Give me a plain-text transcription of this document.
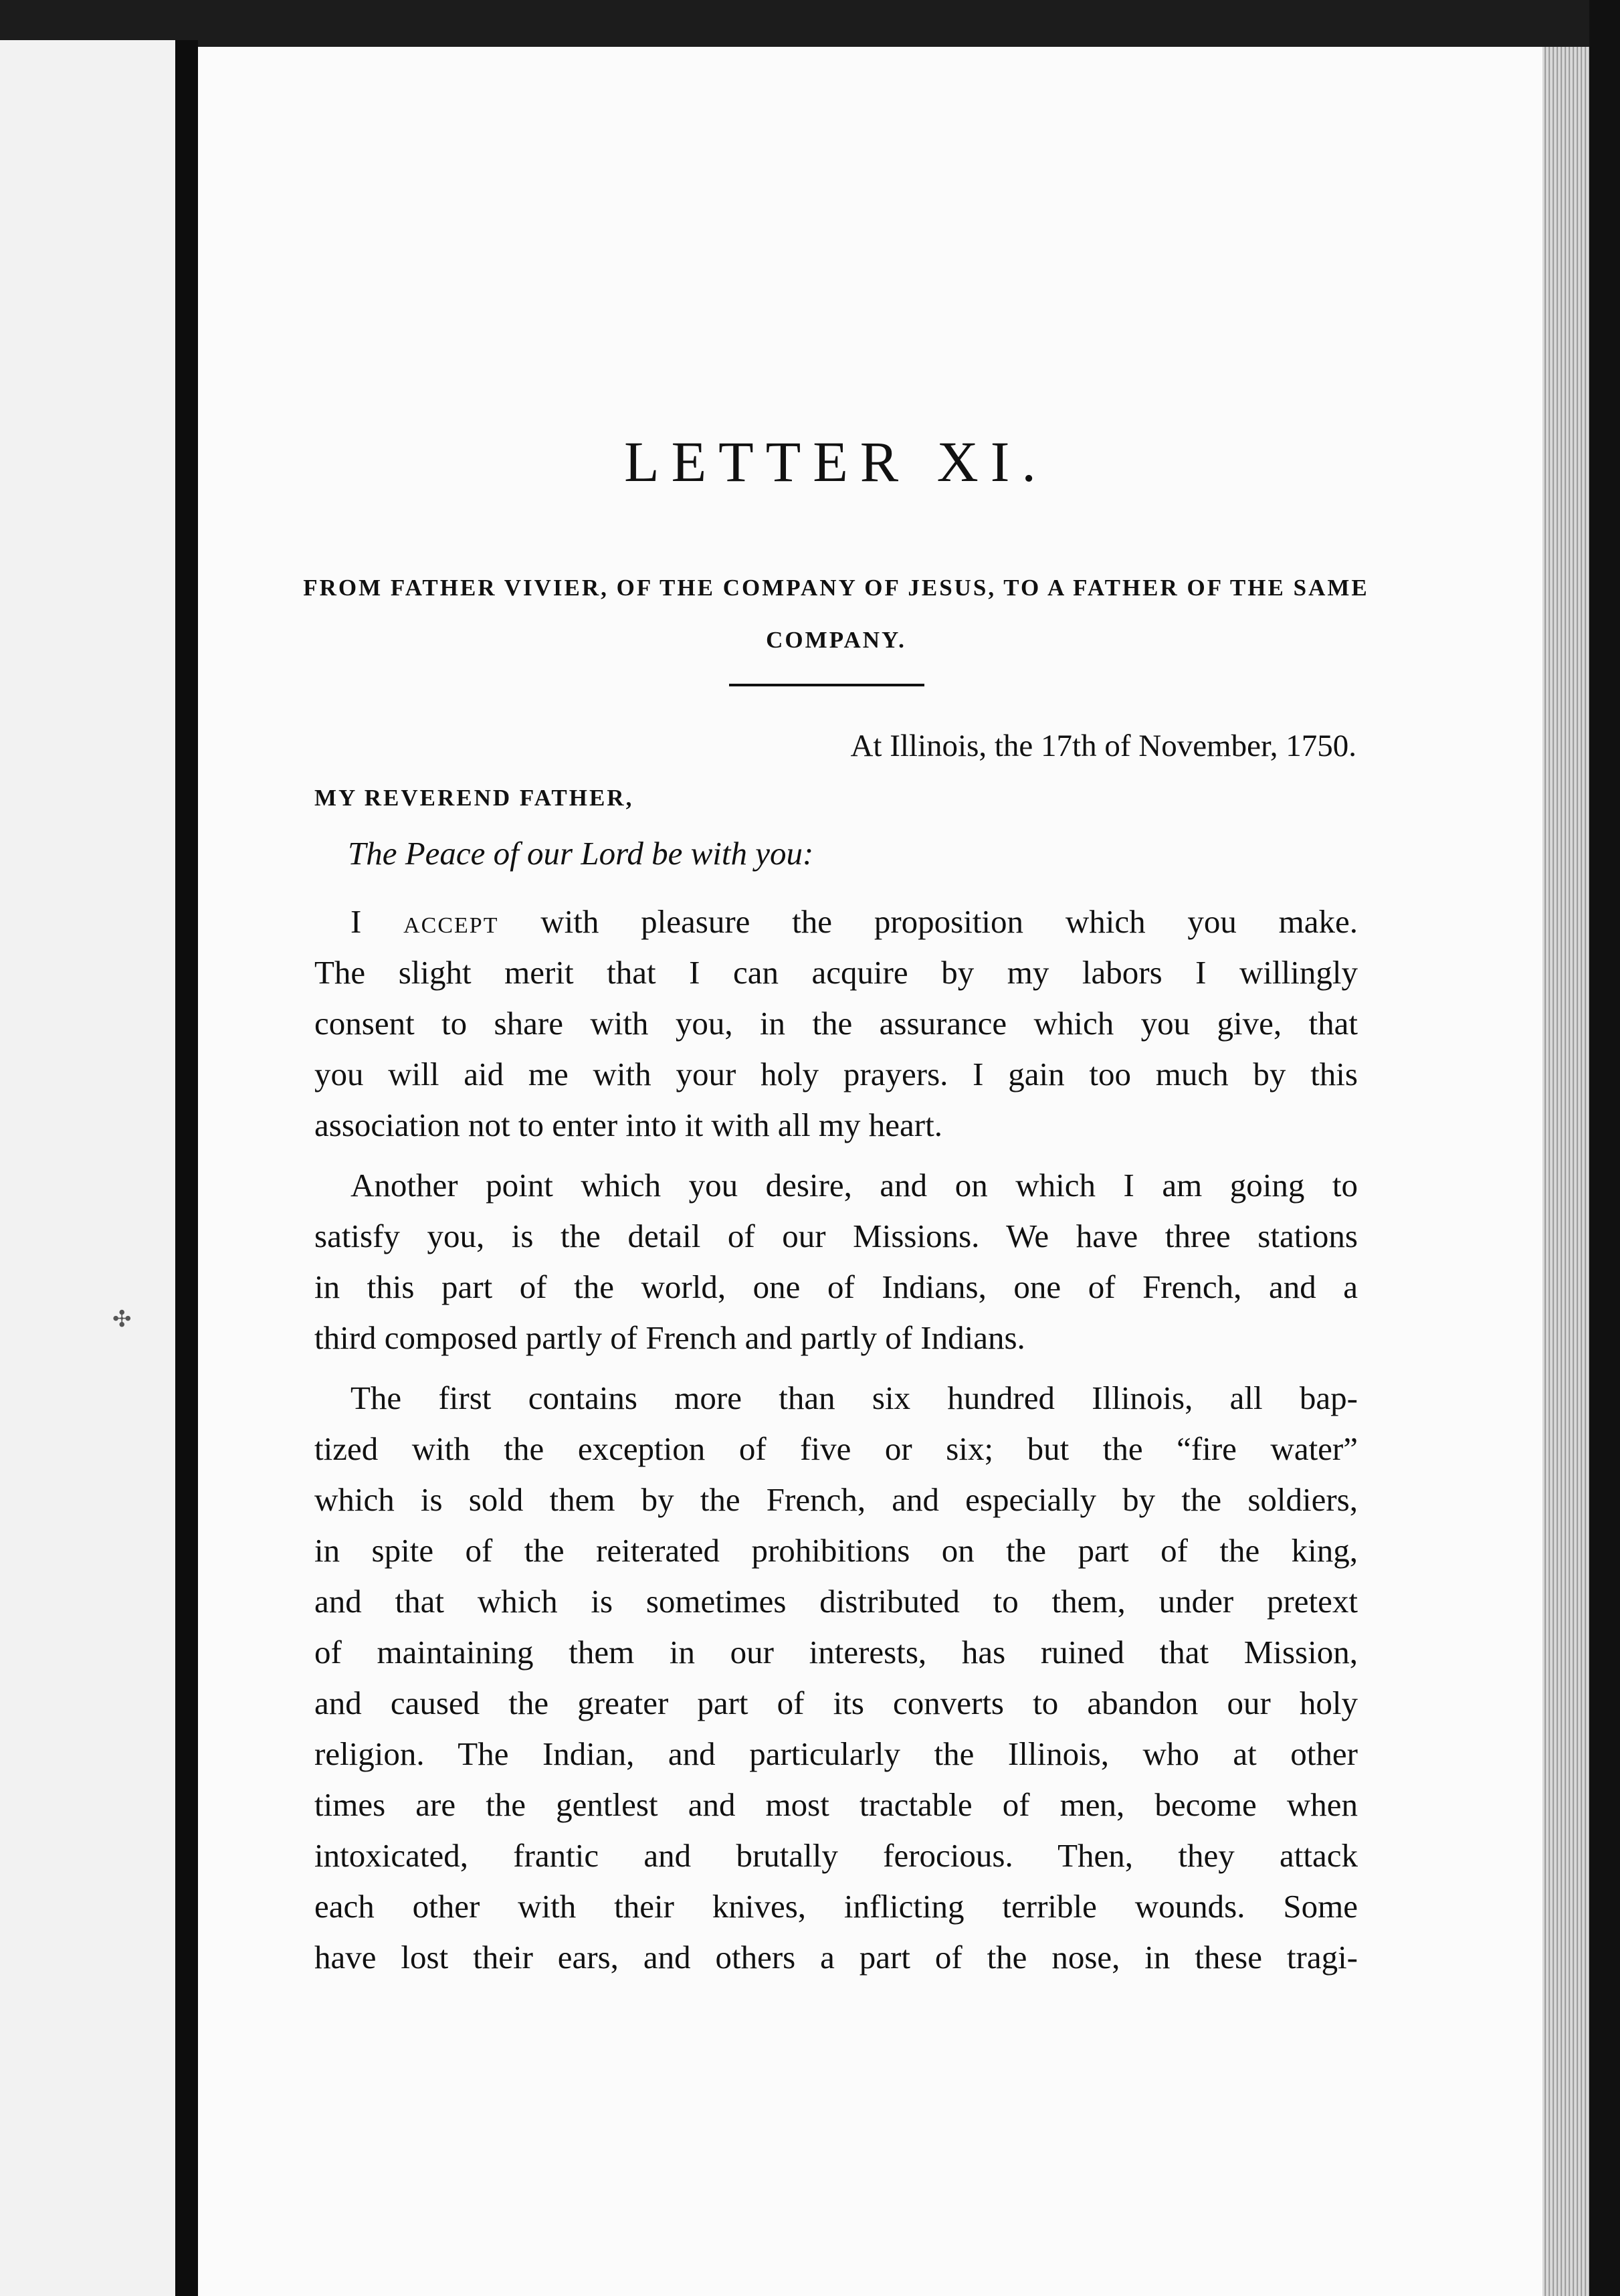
✣
LETTER XI.
FROM FATHER VIVIER, OF THE COMPANY OF JESUS, TO A FATHER OF THE SAME COMPANY.
At Illinois, the 17th of November, 1750.
MY REVEREND FATHER,
The Peace of our Lord be with you:
I accept with pleasure the proposition which you make.
The slight merit that I can acquire by my labors I willingly
consent to share with you, in the assurance which you give, that
you will aid me with your holy prayers. I gain too much by this
association not to enter into it with all my heart.
Another point which you desire, and on which I am going to
satisfy you, is the detail of our Missions. We have three stations
in this part of the world, one of Indians, one of French, and a
third composed partly of French and partly of Indians.
The first contains more than six hundred Illinois, all bap-
tized with the exception of five or six; but the “fire water”
which is sold them by the French, and especially by the soldiers,
in spite of the reiterated prohibitions on the part of the king,
and that which is sometimes distributed to them, under pretext
of maintaining them in our interests, has ruined that Mission,
and caused the greater part of its converts to abandon our holy
religion. The Indian, and particularly the Illinois, who at other
times are the gentlest and most tractable of men, become when
intoxicated, frantic and brutally ferocious. Then, they attack
each other with their knives, inflicting terrible wounds. Some
have lost their ears, and others a part of the nose, in these tragi-
